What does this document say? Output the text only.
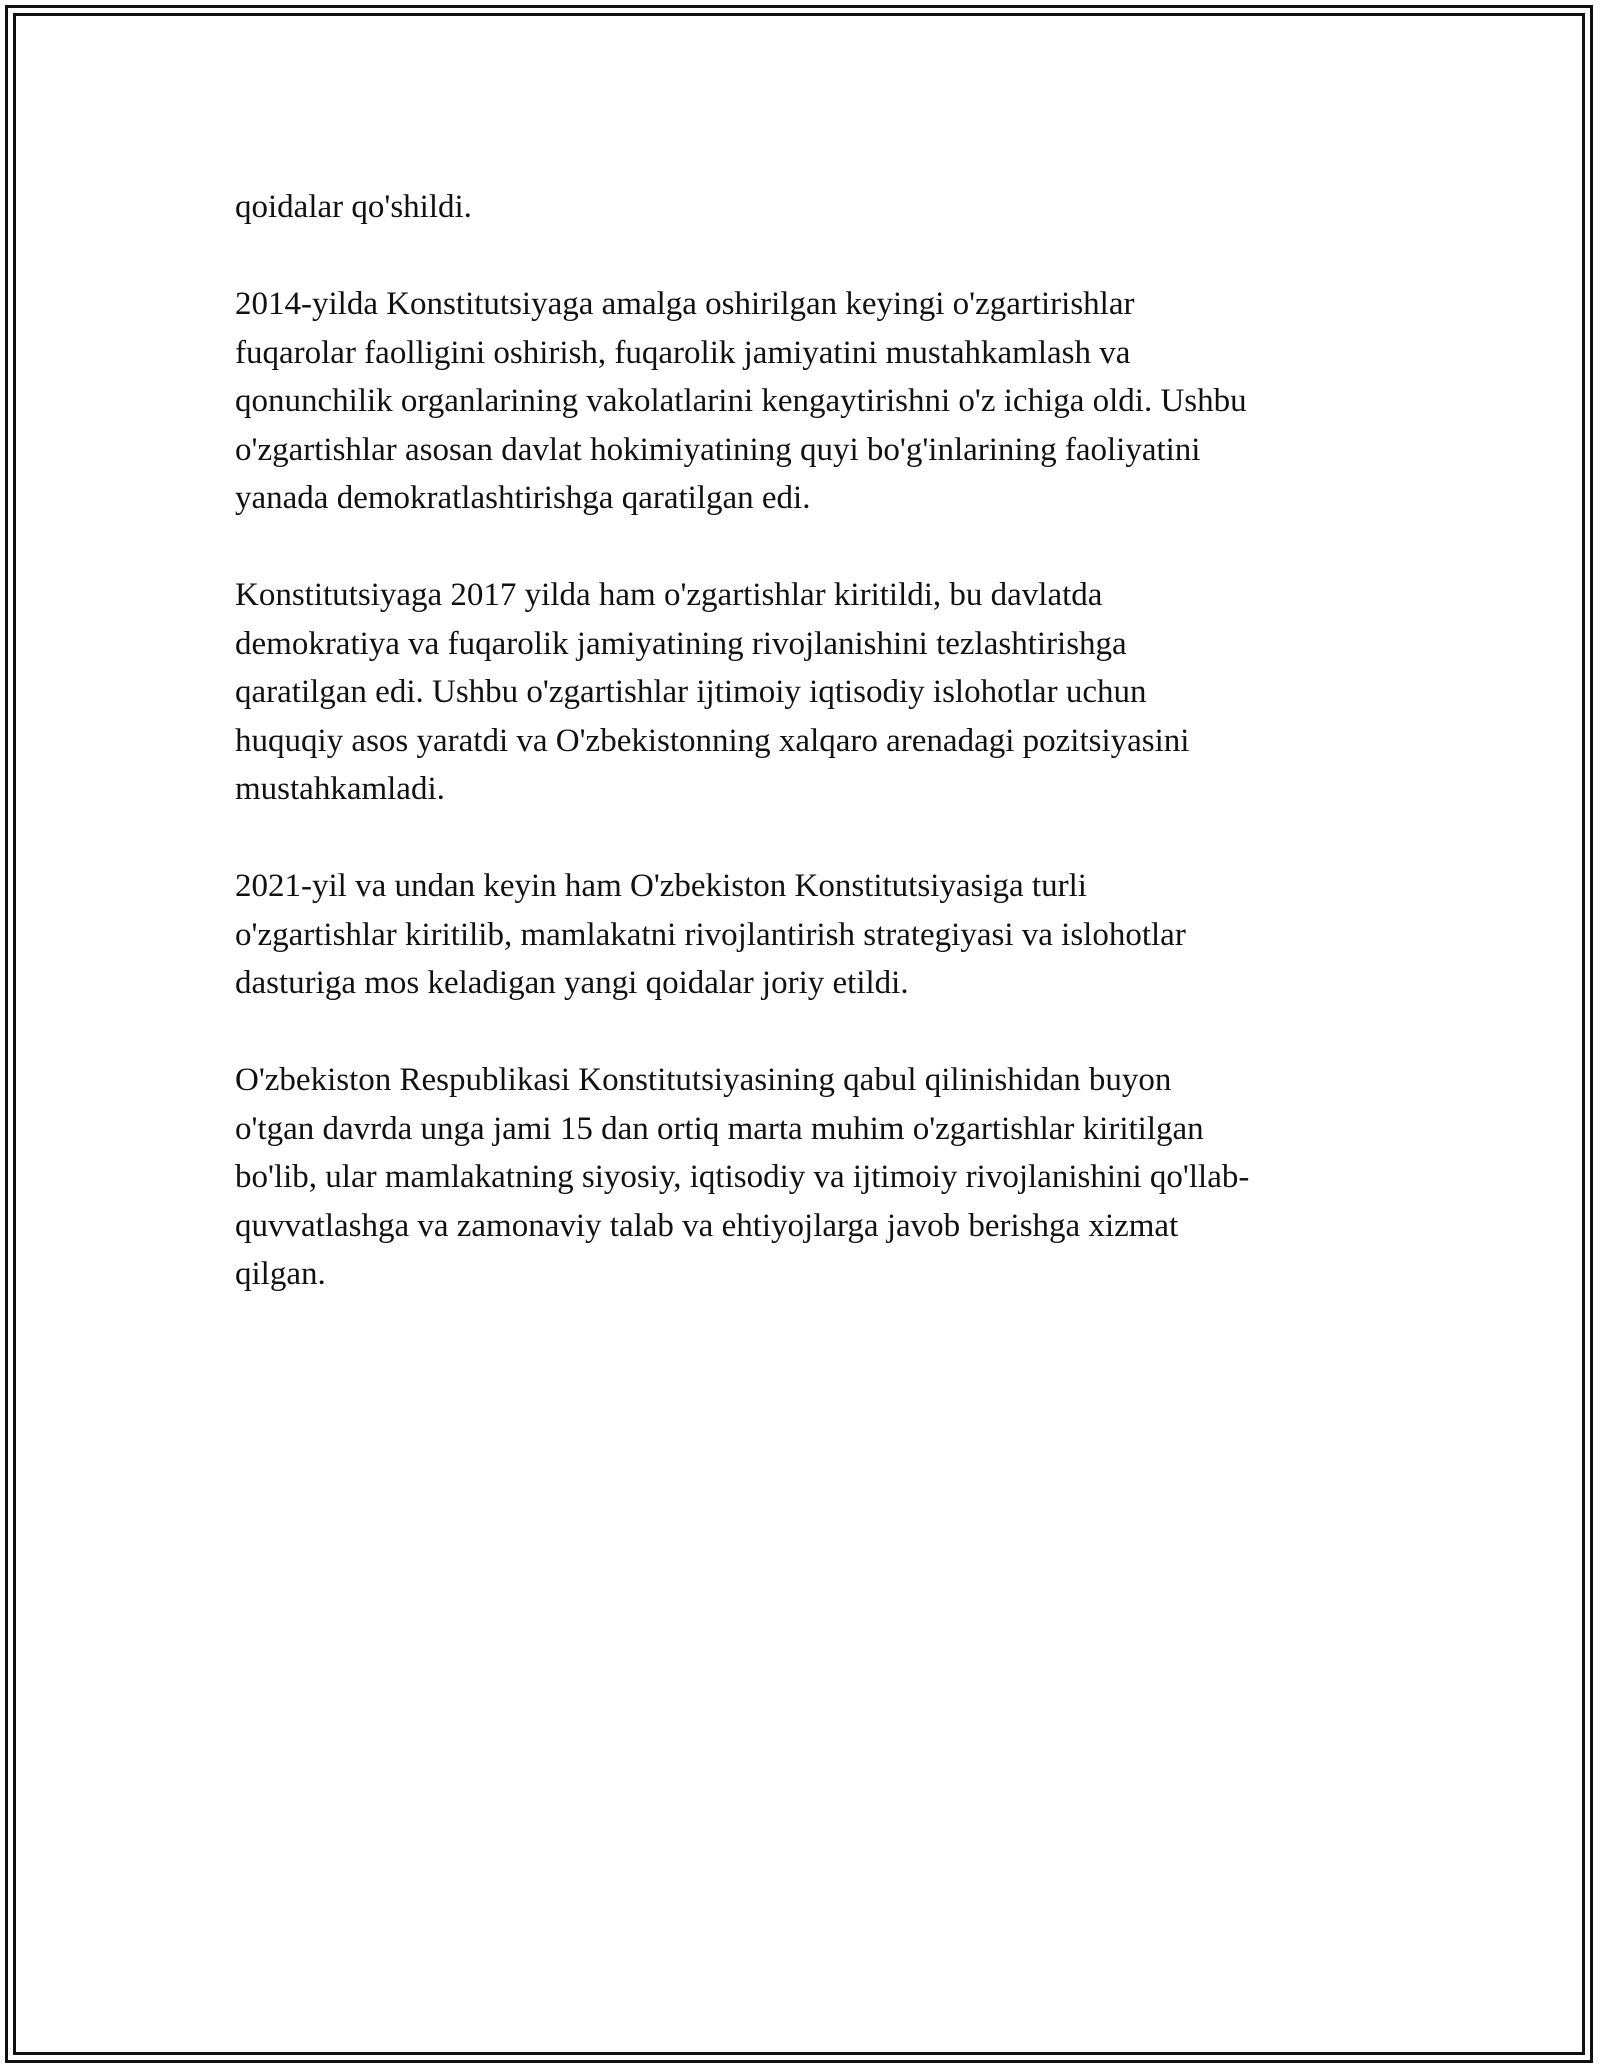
qoidalar qo'shildi.

2014-yilda Konstitutsiyaga amalga oshirilgan keyingi o'zgartirishlar
fuqarolar faolligini oshirish, fuqarolik jamiyatini mustahkamlash va
qonunchilik organlarining vakolatlarini kengaytirishni o'z ichiga oldi. Ushbu
o'zgartishlar asosan davlat hokimiyatining quyi bo'g'inlarining faoliyatini
yanada demokratlashtirishga qaratilgan edi.

Konstitutsiyaga 2017 yilda ham o'zgartishlar kiritildi, bu davlatda
demokratiya va fuqarolik jamiyatining rivojlanishini tezlashtirishga
qaratilgan edi. Ushbu o'zgartishlar ijtimoiy iqtisodiy islohotlar uchun
huquqiy asos yaratdi va O'zbekistonning xalqaro arenadagi pozitsiyasini
mustahkamladi.

2021-yil va undan keyin ham O'zbekiston Konstitutsiyasiga turli
o'zgartishlar kiritilib, mamlakatni rivojlantirish strategiyasi va islohotlar
dasturiga mos keladigan yangi qoidalar joriy etildi.

O'zbekiston Respublikasi Konstitutsiyasining qabul qilinishidan buyon
o'tgan davrda unga jami 15 dan ortiq marta muhim o'zgartishlar kiritilgan
bo'lib, ular mamlakatning siyosiy, iqtisodiy va ijtimoiy rivojlanishini qo'llab-
quvvatlashga va zamonaviy talab va ehtiyojlarga javob berishga xizmat
qilgan.
